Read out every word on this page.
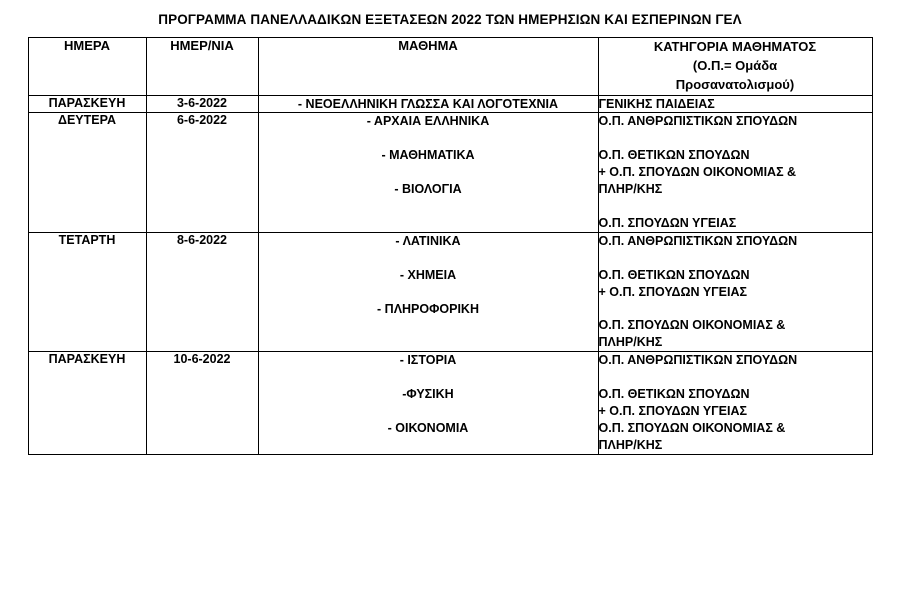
ΠΡΟΓΡΑΜΜΑ ΠΑΝΕΛΛΑΔΙΚΩΝ ΕΞΕΤΑΣΕΩΝ 2022 ΤΩΝ ΗΜΕΡΗΣΙΩΝ ΚΑΙ ΕΣΠΕΡΙΝΩΝ ΓΕΛ
ΗΜΕΡΑ	ΗΜΕΡ/ΝΙΑ	ΜΑΘΗΜΑ	ΚΑΤΗΓΟΡΙΑ ΜΑΘΗΜΑΤΟΣ
(Ο.Π.= Ομάδα
Προσανατολισμού)

ΠΑΡΑΣΚΕΥΗ	3-6-2022	- ΝΕΟΕΛΛΗΝΙΚΗ ΓΛΩΣΣΑ ΚΑΙ ΛΟΓΟΤΕΧΝΙΑ	ΓΕΝΙΚΗΣ ΠΑΙΔΕΙΑΣ

ΔΕΥΤΕΡΑ	6-6-2022	- ΑΡΧΑΙΑ ΕΛΛΗΝΙΚΑ
- ΜΑΘΗΜΑΤΙΚΑ
- ΒΙΟΛΟΓΙΑ	Ο.Π. ΑΝΘΡΩΠΙΣΤΙΚΩΝ ΣΠΟΥΔΩΝ
Ο.Π. ΘΕΤΙΚΩΝ ΣΠΟΥΔΩΝ
+ Ο.Π. ΣΠΟΥΔΩΝ ΟΙΚΟΝΟΜΙΑΣ &
ΠΛΗΡ/ΚΗΣ
Ο.Π. ΣΠΟΥΔΩΝ ΥΓΕΙΑΣ

ΤΕΤΑΡΤΗ	8-6-2022	- ΛΑΤΙΝΙΚΑ
- ΧΗΜΕΙΑ
- ΠΛΗΡΟΦΟΡΙΚΗ	Ο.Π. ΑΝΘΡΩΠΙΣΤΙΚΩΝ ΣΠΟΥΔΩΝ
Ο.Π. ΘΕΤΙΚΩΝ ΣΠΟΥΔΩΝ
+ Ο.Π. ΣΠΟΥΔΩΝ ΥΓΕΙΑΣ
Ο.Π. ΣΠΟΥΔΩΝ ΟΙΚΟΝΟΜΙΑΣ &
ΠΛΗΡ/ΚΗΣ

ΠΑΡΑΣΚΕΥΗ	10-6-2022	- ΙΣΤΟΡΙΑ
-ΦΥΣΙΚΗ
- ΟΙΚΟΝΟΜΙΑ	Ο.Π. ΑΝΘΡΩΠΙΣΤΙΚΩΝ ΣΠΟΥΔΩΝ
Ο.Π. ΘΕΤΙΚΩΝ ΣΠΟΥΔΩΝ
+ Ο.Π. ΣΠΟΥΔΩΝ ΥΓΕΙΑΣ
Ο.Π. ΣΠΟΥΔΩΝ ΟΙΚΟΝΟΜΙΑΣ &
ΠΛΗΡ/ΚΗΣ
